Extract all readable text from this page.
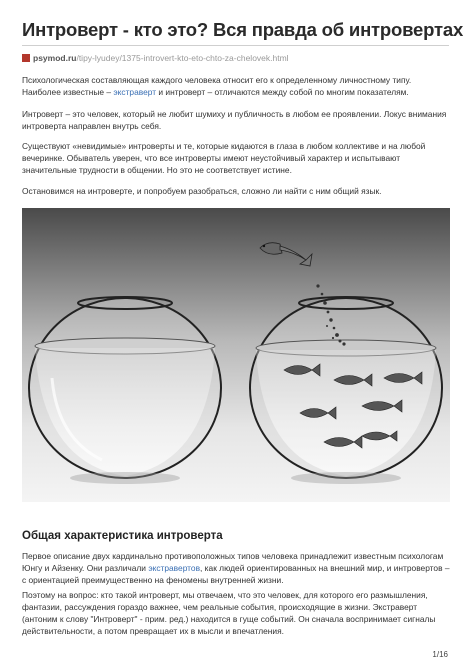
Интроверт - кто это? Вся правда об интровертах
psymod.ru/tipy-lyudey/1375-introvert-kto-eto-chto-za-chelovek.html

Психологическая составляющая каждого человека относит его к определенному личностному типу. Наиболее известные – экстраверт и интроверт – отличаются между собой по многим показателям.

Интроверт – это человек, который не любит шумиху и публичность в любом ее проявлении. Локус внимания интроверта направлен внутрь себя.

Существуют «невидимые» интроверты и те, которые кидаются в глаза в любом коллективе и на любой вечеринке. Обыватель уверен, что все интроверты имеют неустойчивый характер и испытывают значительные трудности в общении. Но это не соответствует истине.

Остановимся на интроверте, и попробуем разобраться, сложно ли найти с ним общий язык.

Общая характеристика интроверта

Первое описание двух кардинально противоположных типов человека принадлежит известным психологам Юнгу и Айзенку. Они различали экстравертов, как людей ориентированных на внешний мир, и интровертов – с ориентацией преимущественно на феномены внутренней жизни.

Поэтому на вопрос: кто такой интроверт, мы отвечаем, что это человек, для которого его размышления, фантазии, рассуждения гораздо важнее, чем реальные события, происходящие в жизни. Экстраверт (антоним к слову "Интроверт" - прим. ред.) находится в гуще событий. Он сначала воспринимает сигналы действительности, а потом превращает их в мысли и впечатления.

1/16
